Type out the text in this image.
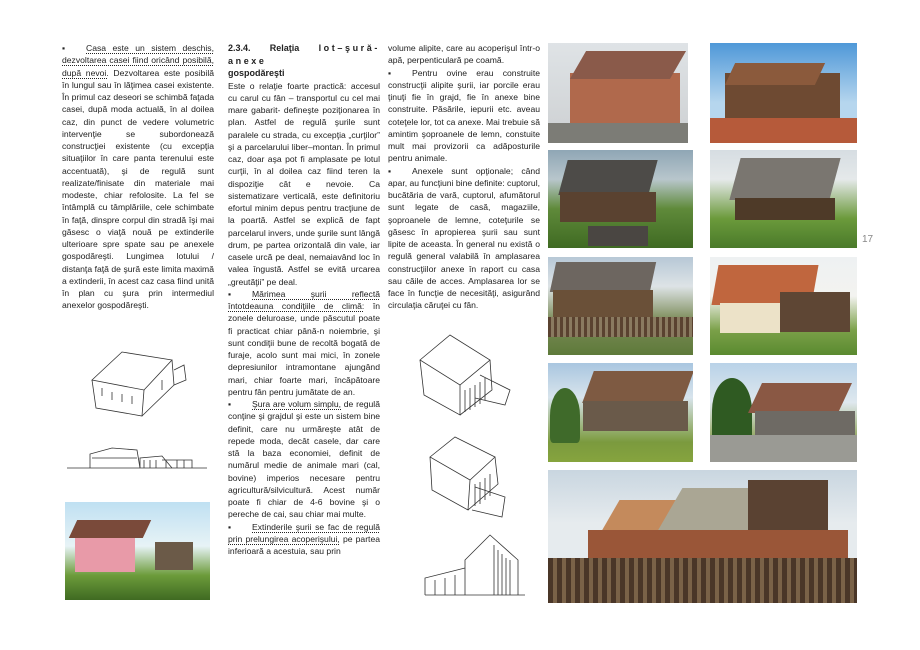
▪ Casa este un sistem deschis, dezvoltarea casei fiind oricând posibilă, după nevoi. Dezvoltarea este posibilă în lungul sau în lăţimea casei existente. În primul caz deseori se schimbă faţada casei, după moda actuală, în al doilea caz, din punct de vedere volumetric intervenţie se subordonează construcţiei existente (cu excepţia situaţiilor în care panta terenului este accentuată), şi de regulă sunt realizate/finisate din materiale mai modeste, chiar refolosite. La fel se întâmplă cu tâmplăriile, cele schimbate în faţă, dinspre corpul din stradă îşi mai găsesc o viaţă nouă pe extinderile ulterioare spre spate sau pe anexele gospodăreşti. Lungimea lotului / distanţa faţă de şură este limita maximă a extinderii, în acest caz casa fiind unită în plan cu şura prin intermediul anexelor gospodăreşti.

2.3.4. Relaţia lot–şură-anexe
gospodăreşti

Este o relaţie foarte practică: accesul cu carul cu fân – transportul cu cel mai mare gabarit- defineşte poziţionarea în plan. Astfel de regulă şurile sunt paralele cu strada, cu excepţia „curţilor” şi a parcelarului liber–montan. În primul caz, doar aşa pot fi amplasate pe lotul curţii, în al doilea caz fiind teren la dispoziţie cât e nevoie. Ca sistematizare verticală, este definitoriu efortul minim depus pentru tracţiune de la poartă. Astfel se explică de fapt parcelarul invers, unde şurile sunt lângă drum, pe partea orizontală din vale, iar casele urcă pe deal, nemaiavând loc în valea îngustă. Astfel se evită urcarea „greutăţii” pe deal.

▪ Mărimea şurii reflectă întotdeauna condiţiile de climă: în zonele deluroase, unde păscutul poate fi practicat chiar până-n noiembrie, şi sunt condiţii bune de recoltă bogată de furaje, acolo sunt mai mici, în zonele depresiunilor intramontane ajungând mari, chiar foarte mari, încăpătoare pentru fân pentru jumătate de an.

▪ Şura are volum simplu, de regulă conţine şi grajdul şi este un sistem bine definit, care nu urmăreşte atât de repede moda, decât casele, dar care stă la baza economiei, definit de numărul medie de animale mari (cal, bovine) imperios necesare pentru agricultură/silvicultură. Acest număr poate fi chiar de 4-6 bovine şi o pereche de cai, sau chiar mai multe.

▪ Extinderile şurii se fac de regulă prin prelungirea acoperişului, pe partea inferioară a acestuia, sau prin

volume alipite, care au acoperişul într-o apă, perpenticulară pe coamă.

▪ Pentru ovine erau construite construcţii alipite şurii, iar porcile erau ţinuţi fie în grajd, fie în anexe bine construite. Păsările, iepurii etc. aveau coteţele lor, tot ca anexe. Mai trebuie să amintim şoproanele de lemn, constuite mult mai provizorii ca adăposturile pentru animale.

▪ Anexele sunt opţionale; când apar, au funcţiuni bine definite: cuptorul, bucătăria de vară, cuptorul, afumătorul sunt legate de casă, magaziile, şoproanele de lemne, coteţurile se găsesc în apropierea şurii sau sunt lipite de aceasta. În general nu există o regulă general valabilă în amplasarea construcţiilor anexe în raport cu casa sau căile de acces. Amplasarea lor se face în funcţie de necesităţi, asigurând circulaţia căruţei cu fân.

17
